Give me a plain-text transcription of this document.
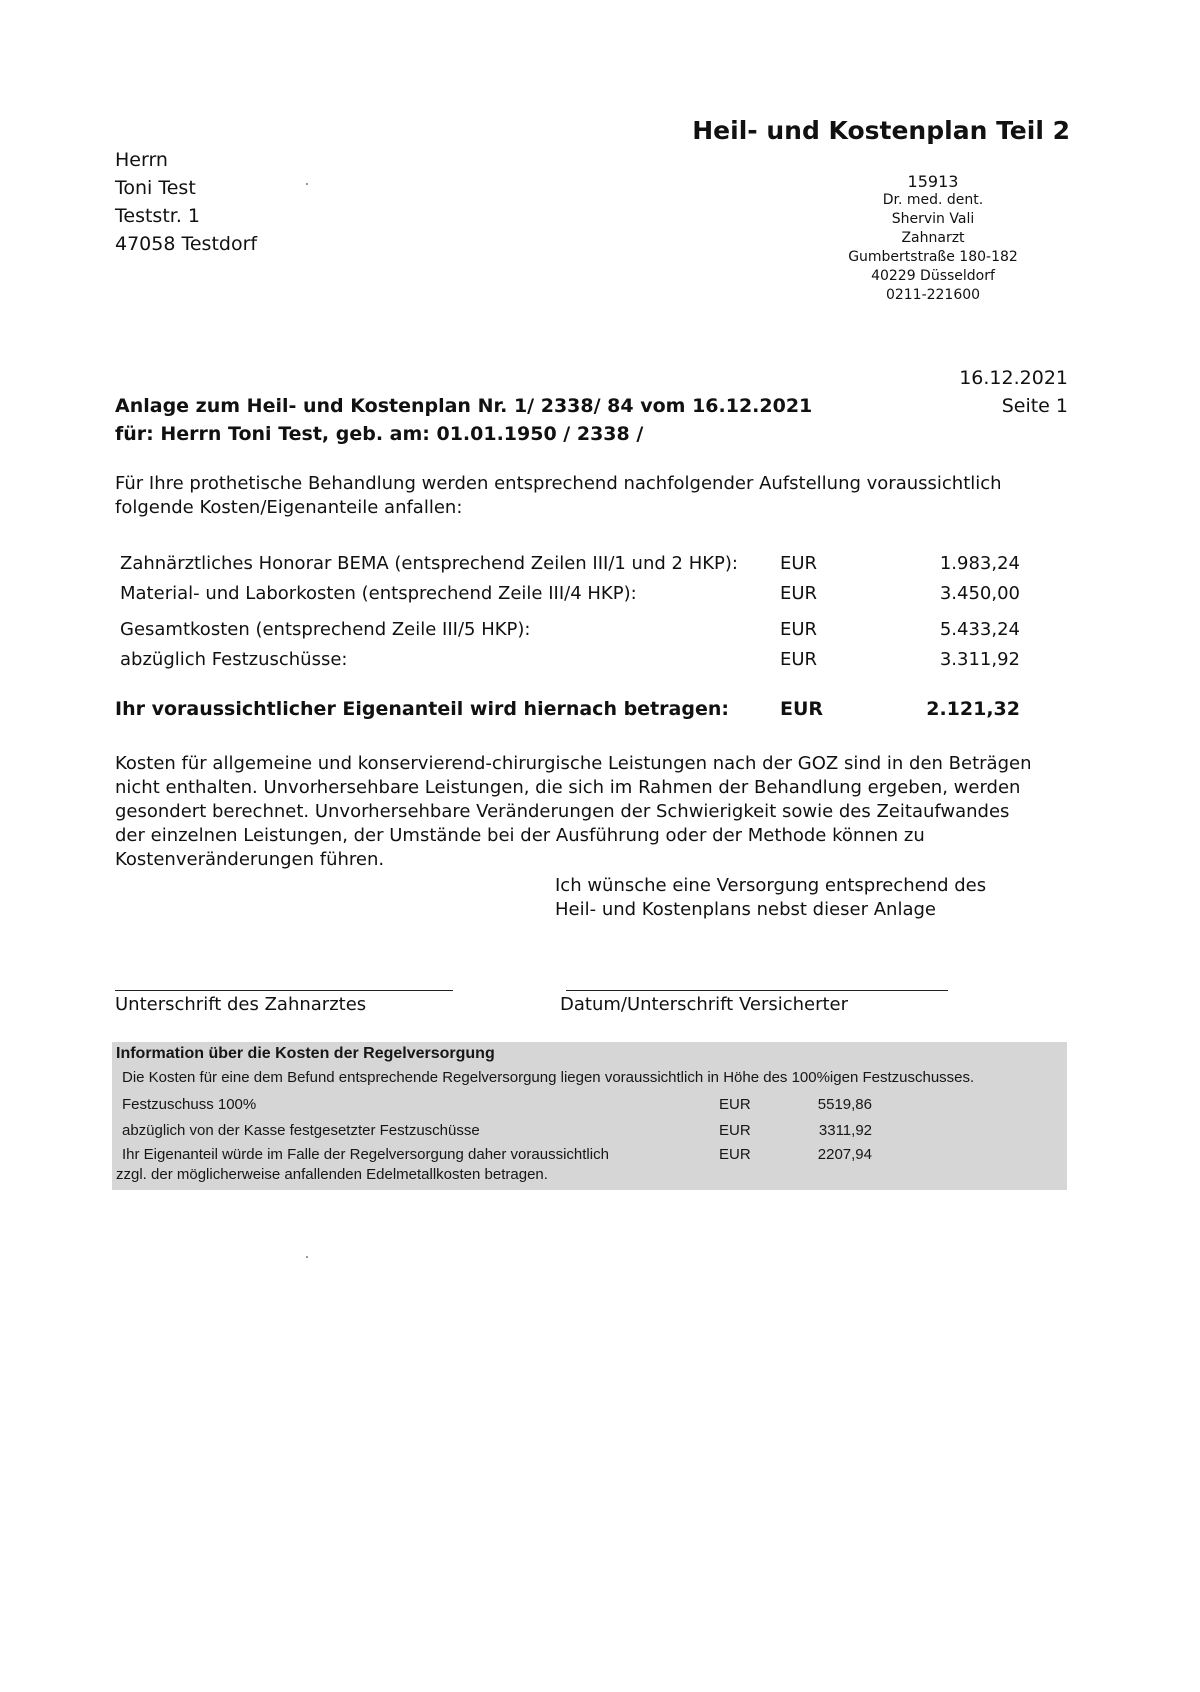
Heil- und Kostenplan Teil 2
Herrn
Toni Test
Teststr. 1
47058 Testdorf
15913
Dr. med. dent.
Shervin Vali
Zahnarzt
Gumbertstraße 180-182
40229 Düsseldorf
0211-221600
16.12.2021
Seite 1
Anlage zum Heil- und Kostenplan Nr. 1/ 2338/ 84 vom 16.12.2021
für: Herrn Toni Test, geb. am: 01.01.1950 / 2338 /
Für Ihre prothetische Behandlung werden entsprechend nachfolgender Aufstellung voraussichtlich folgende Kosten/Eigenanteile anfallen:
Zahnärztliches Honorar BEMA (entsprechend Zeilen III/1 und 2 HKP):	EUR	1.983,24
Material- und Laborkosten (entsprechend Zeile III/4 HKP):	EUR	3.450,00

Gesamtkosten (entsprechend Zeile III/5 HKP):	EUR	5.433,24
abzüglich Festzuschüsse:	EUR	3.311,92

Ihr voraussichtlicher Eigenanteil wird hiernach betragen:	EUR	2.121,32
Kosten für allgemeine und konservierend-chirurgische Leistungen nach der GOZ sind in den Beträgen nicht enthalten. Unvorhersehbare Leistungen, die sich im Rahmen der Behandlung ergeben, werden gesondert berechnet. Unvorhersehbare Veränderungen der Schwierigkeit sowie des Zeitaufwandes der einzelnen Leistungen, der Umstände bei der Ausführung oder der Methode können zu Kostenveränderungen führen.
Ich wünsche eine Versorgung entsprechend des
Heil- und Kostenplans nebst dieser Anlage
Unterschrift des Zahnarztes	Datum/Unterschrift Versicherter
Information über die Kosten der Regelversorgung
Die Kosten für eine dem Befund entsprechende Regelversorgung liegen voraussichtlich in Höhe des 100%igen Festzuschusses.
Festzuschuss 100%	EUR	5519,86
abzüglich von der Kasse festgesetzter Festzuschüsse	EUR	3311,92
Ihr Eigenanteil würde im Falle der Regelversorgung daher voraussichtlich	EUR	2207,94
zzgl. der möglicherweise anfallenden Edelmetallkosten betragen.
